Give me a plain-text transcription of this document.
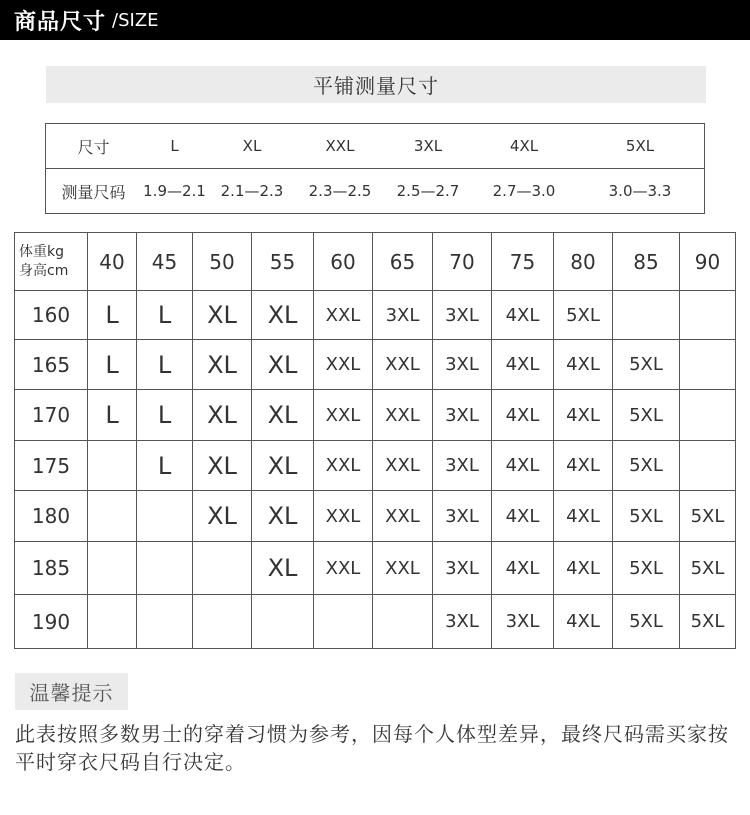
商品尺寸 /SIZE
平铺测量尺寸
尺寸	L	XL	XXL	3XL	4XL	5XL
测量尺码	1.9—2.1	2.1—2.3	2.3—2.5	2.5—2.7	2.7—3.0	3.0—3.3
体重kg
身高cm	40	45	50	55	60	65	70	75	80	85	90
160	L	L	XL	XL	XXL	3XL	3XL	4XL	5XL		
165	L	L	XL	XL	XXL	XXL	3XL	4XL	4XL	5XL	
170	L	L	XL	XL	XXL	XXL	3XL	4XL	4XL	5XL	
175		L	XL	XL	XXL	XXL	3XL	4XL	4XL	5XL	
180			XL	XL	XXL	XXL	3XL	4XL	4XL	5XL	5XL
185				XL	XXL	XXL	3XL	4XL	4XL	5XL	5XL
190							3XL	3XL	4XL	5XL	5XL
温馨提示
此表按照多数男士的穿着习惯为参考，因每个人体型差异，最终尺码需买家按平时穿衣尺码自行决定。
